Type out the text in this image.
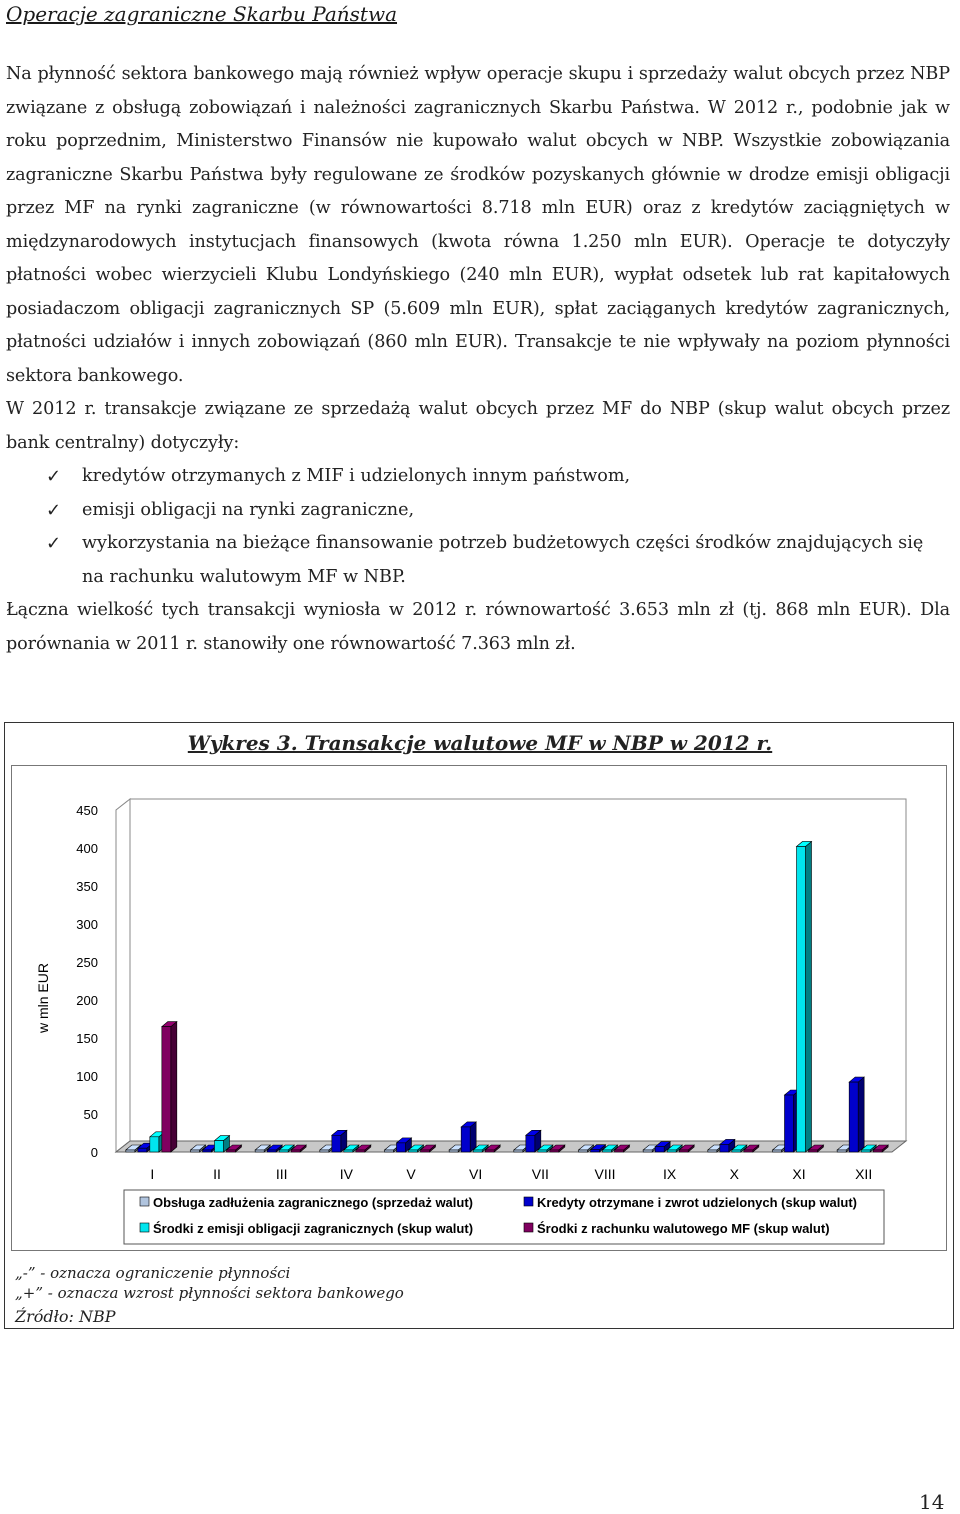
Operacje zagraniczne Skarbu Państwa

Na płynność sektora bankowego mają również wpływ operacje skupu i sprzedaży walut obcych przez NBP związane z obsługą zobowiązań i należności zagranicznych Skarbu Państwa. W 2012 r., podobnie jak w roku poprzednim, Ministerstwo Finansów nie kupowało walut obcych w NBP. Wszystkie zobowiązania zagraniczne Skarbu Państwa były regulowane ze środków pozyskanych głównie w drodze emisji obligacji przez MF na rynki zagraniczne (w równowartości 8.718 mln EUR) oraz z kredytów zaciągniętych w międzynarodowych instytucjach finansowych (kwota równa 1.250 mln EUR). Operacje te dotyczyły płatności wobec wierzycieli Klubu Londyńskiego (240 mln EUR), wypłat odsetek lub rat kapitałowych posiadaczom obligacji zagranicznych SP (5.609 mln EUR), spłat zaciąganych kredytów zagranicznych, płatności udziałów i innych zobowiązań (860 mln EUR). Transakcje te nie wpływały na poziom płynności sektora bankowego.

W 2012 r. transakcje związane ze sprzedażą walut obcych przez MF do NBP (skup walut obcych przez bank centralny) dotyczyły:

✓ kredytów otrzymanych z MIF i udzielonych innym państwom,
✓ emisji obligacji na rynki zagraniczne,
✓ wykorzystania na bieżące finansowanie potrzeb budżetowych części środków znajdujących się na rachunku walutowym MF w NBP.

Łączna wielkość tych transakcji wyniosła w 2012 r. równowartość 3.653 mln zł (tj. 868 mln EUR). Dla porównania w 2011 r. stanowiły one równowartość 7.363 mln zł.

Wykres 3. Transakcje walutowe MF w NBP w 2012 r.
0
50
100
150
200
250
300
350
400
450
w mln EUR
I	II	III	IV	V	VI	VII	VIII	IX	X	XI	XII
Obsługa zadłużenia zagranicznego (sprzedaż walut)	Kredyty otrzymane i zwrot udzielonych (skup walut)
Środki z emisji obligacji zagranicznych (skup walut)	Środki z rachunku walutowego MF (skup walut)
„-” - oznacza ograniczenie płynności
„+” - oznacza wzrost płynności sektora bankowego
Źródło: NBP
14
